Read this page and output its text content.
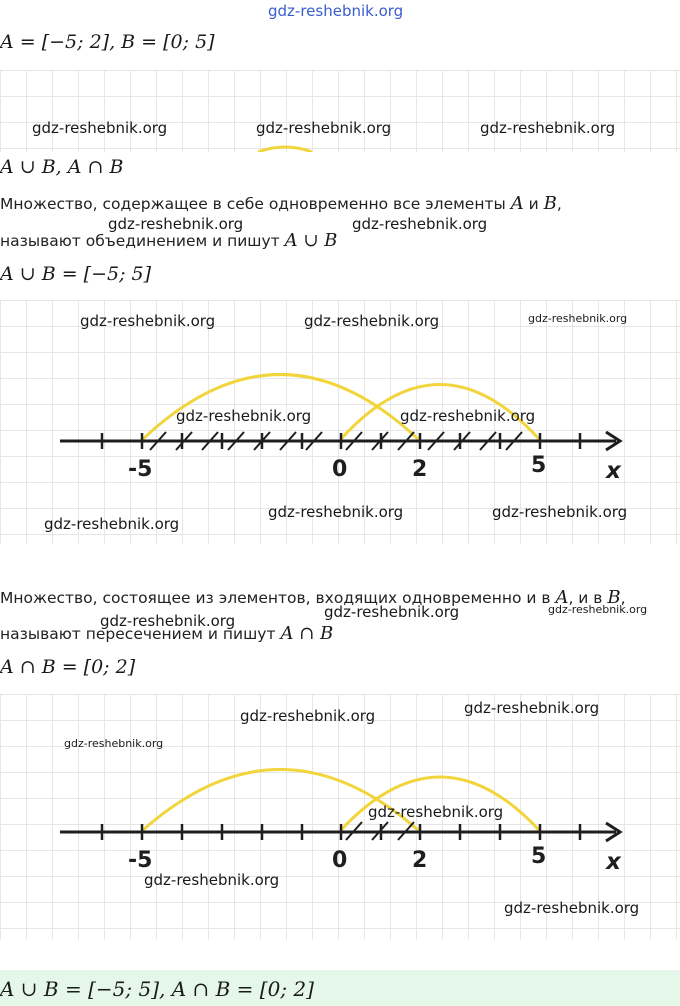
gdz-reshebnik.org
A = [−5; 2], B = [0; 5]
gdz-reshebnik.org	gdz-reshebnik.org	gdz-reshebnik.org
A ∪ B, A ∩ B
Множество, содержащее в себе одновременно все элементы A и B,
называют объединением и пишут A ∪ B
gdz-reshebnik.org	gdz-reshebnik.org
A ∪ B = [−5; 5]
-5	0	2	5	x
gdz-reshebnik.org	gdz-reshebnik.org	gdz-reshebnik.org
gdz-reshebnik.org	gdz-reshebnik.org
gdz-reshebnik.org
gdz-reshebnik.org	gdz-reshebnik.org
Множество, состоящее из элементов, входящих одновременно и в A, и в B,
называют пересечением и пишут A ∩ B
gdz-reshebnik.org	gdz-reshebnik.org	gdz-reshebnik.org
A ∩ B = [0; 2]
-5	0	2	5	x
gdz-reshebnik.org	gdz-reshebnik.org
gdz-reshebnik.org
gdz-reshebnik.org
gdz-reshebnik.org
gdz-reshebnik.org
A ∪ B = [−5; 5], A ∩ B = [0; 2]
